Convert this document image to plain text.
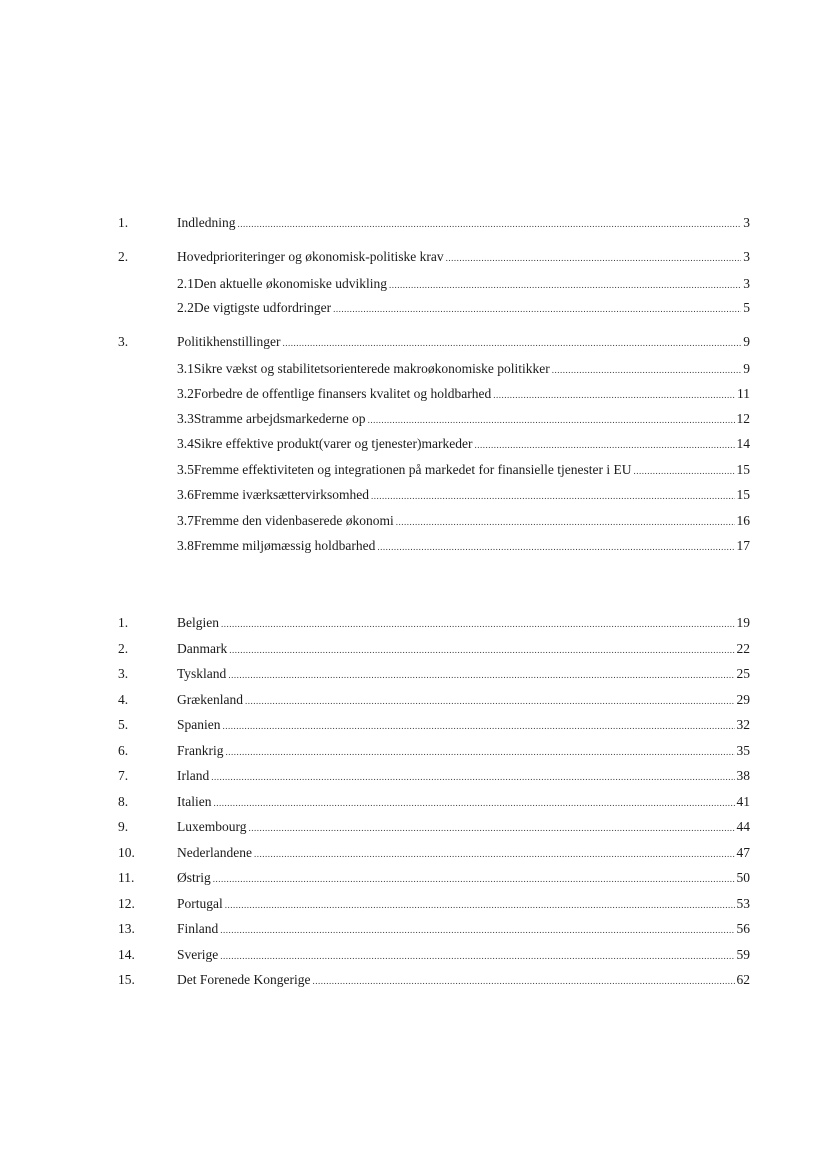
1.	Indledning .....	3
2.	Hovedprioriteringer og økonomisk-politiske krav .....	3
2.1 Den aktuelle økonomiske udvikling .....	3
2.2 De vigtigste udfordringer .....	5
3.	Politikhenstillinger .....	9
3.1 Sikre vækst og stabilitetsorienterede makroøkonomiske politikker .....	9
3.2 Forbedre de offentlige finansers kvalitet og holdbarhed .....	11
3.3 Stramme arbejdsmarkederne op .....	12
3.4 Sikre effektive produkt(varer og tjenester)markeder .....	14
3.5 Fremme effektiviteten og integrationen på markedet for finansielle tjenester i EU .....	15
3.6 Fremme iværksættervirksomhed .....	15
3.7 Fremme den videnbaserede økonomi .....	16
3.8 Fremme miljømæssig holdbarhed .....	17
1.	Belgien .....	19
2.	Danmark .....	22
3.	Tyskland .....	25
4.	Grækenland .....	29
5.	Spanien .....	32
6.	Frankrig .....	35
7.	Irland .....	38
8.	Italien .....	41
9.	Luxembourg .....	44
10.	Nederlandene .....	47
11.	Østrig .....	50
12.	Portugal .....	53
13.	Finland .....	56
14.	Sverige .....	59
15.	Det Forenede Kongerige .....	62
